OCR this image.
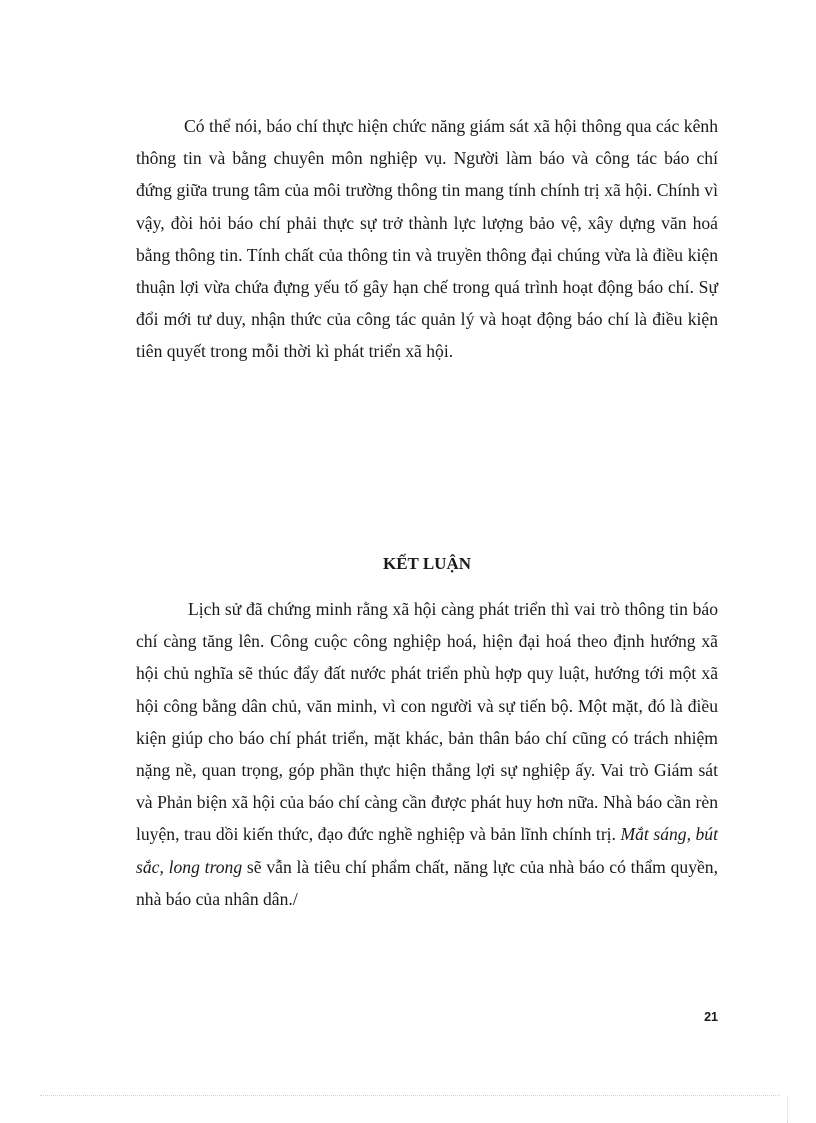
Có thể nói, báo chí thực hiện chức năng giám sát xã hội thông qua các kênh thông tin và bằng chuyên môn nghiệp vụ. Người làm báo và công tác báo chí đứng giữa trung tâm của môi trường thông tin mang tính chính trị xã hội. Chính vì vậy, đòi hỏi báo chí phải thực sự trở thành lực lượng bảo vệ, xây dựng văn hoá bằng thông tin. Tính chất của thông tin và truyền thông đại chúng vừa là điều kiện thuận lợi vừa chứa đựng yếu tố gây hạn chế trong quá trình hoạt động báo chí. Sự đổi mới tư duy, nhận thức của công tác quản lý và hoạt động báo chí là điều kiện tiên quyết trong mỗi thời kì phát triển xã hội.

KẾT LUẬN

Lịch sử đã chứng minh rằng xã hội càng phát triển thì vai trò thông tin báo chí càng tăng lên. Công cuộc công nghiệp hoá, hiện đại hoá theo định hướng xã hội chủ nghĩa sẽ thúc đẩy đất nước phát triển phù hợp quy luật, hướng tới một xã hội công bằng dân chủ, văn minh, vì con người và sự tiến bộ. Một mặt, đó là điều kiện giúp cho báo chí phát triển, mặt khác, bản thân báo chí cũng có trách nhiệm nặng nề, quan trọng, góp phần thực hiện thắng lợi sự nghiệp ấy. Vai trò Giám sát và Phản biện xã hội của báo chí càng cần được phát huy hơn nữa. Nhà báo cần rèn luyện, trau dồi kiến thức, đạo đức nghề nghiệp và bản lĩnh chính trị. Mắt sáng, bút sắc, long trong sẽ vẫn là tiêu chí phẩm chất, năng lực của nhà báo có thẩm quyền, nhà báo của nhân dân./

21
